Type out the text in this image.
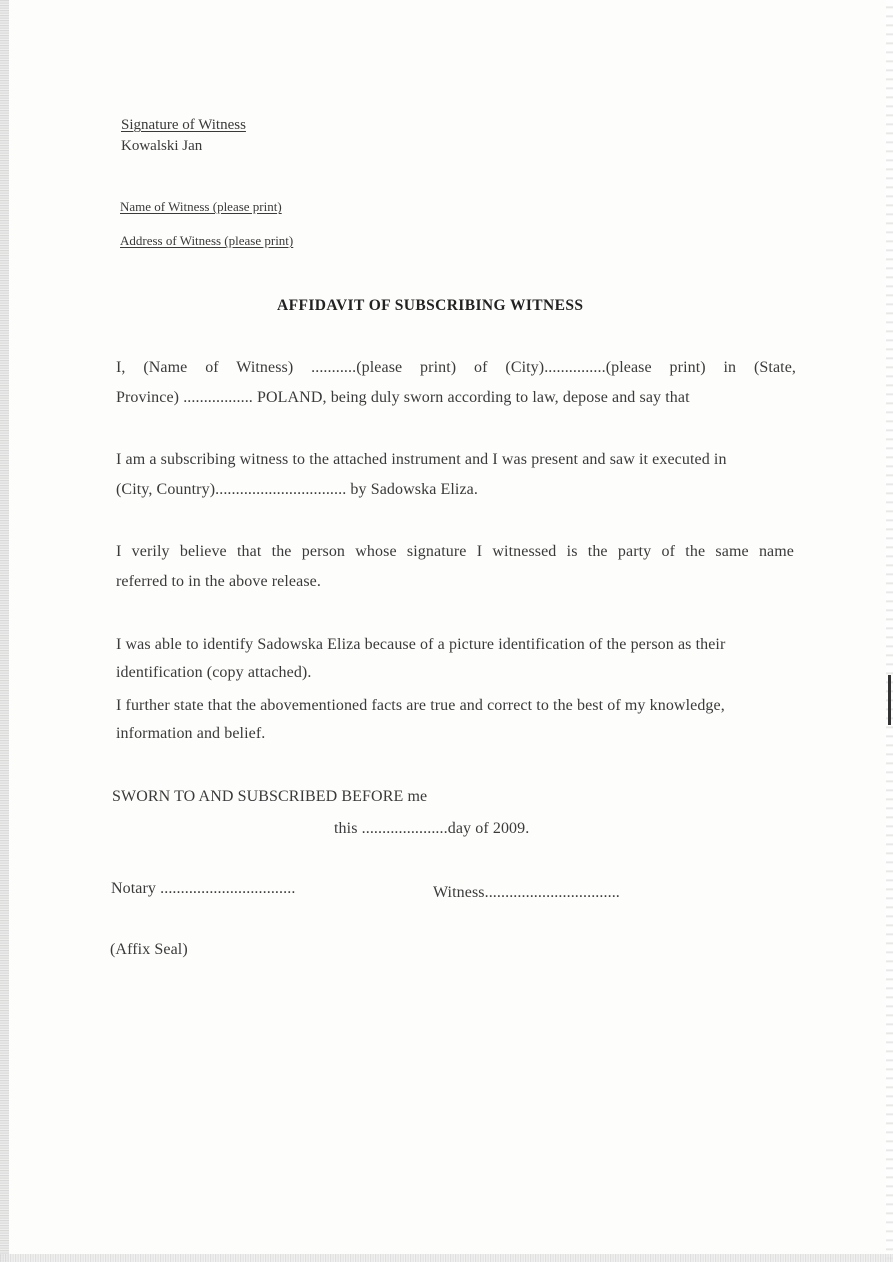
Signature of Witness

Kowalski Jan

Name of Witness (please print)

Address of Witness (please print)

AFFIDAVIT OF SUBSCRIBING WITNESS

I, (Name of Witness) ...........(please print) of (City)...............(please print) in (State,

Province) ................. POLAND, being duly sworn according to law, depose and say that

I am a subscribing witness to the attached instrument and I was present and saw it executed in

(City, Country)................................ by Sadowska Eliza.

I verily believe that the person whose signature I witnessed is the party of the same name

referred to in the above release.

I was able to identify Sadowska Eliza because of a picture identification of the person as their

identification (copy attached).

I further state that the abovementioned facts are true and correct to the best of my knowledge,

information and belief.

SWORN TO AND SUBSCRIBED BEFORE me

this .....................day of 2009.

Notary .................................	Witness.................................

(Affix Seal)
